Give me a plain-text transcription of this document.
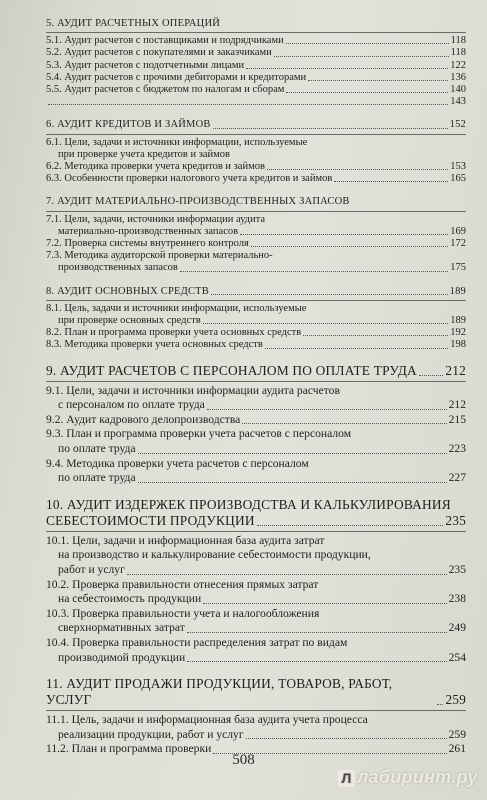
5. АУДИТ РАСЧЕТНЫХ ОПЕРАЦИЙ
5.1. Аудит расчетов с поставщиками и подрядчиками	118
5.2. Аудит расчетов с покупателями и заказчиками	118
5.3. Аудит расчетов с подотчетными лицами	122
5.4. Аудит расчетов с прочими дебиторами и кредиторами	136
5.5. Аудит расчетов с бюджетом по налогам и сборам	140
143
6. АУДИТ КРЕДИТОВ И ЗАЙМОВ	152
6.1. Цели, задачи и источники информации, используемые
при проверке учета кредитов и займов
6.2. Методика проверки учета кредитов и займов	153
6.3. Особенности проверки налогового учета кредитов и займов	165
7. АУДИТ МАТЕРИАЛЬНО-ПРОИЗВОДСТВЕННЫХ ЗАПАСОВ
7.1. Цели, задачи, источники информации аудита
материально-производственных запасов	169
7.2. Проверка системы внутреннего контроля	172
7.3. Методика аудиторской проверки материально-
производственных запасов	175
8. АУДИТ ОСНОВНЫХ СРЕДСТВ	189
8.1. Цель, задачи и источники информации, используемые
при проверке основных средств	189
8.2. План и программа проверки учета основных средств	192
8.3. Методика проверки учета основных средств	198
9. АУДИТ РАСЧЕТОВ С ПЕРСОНАЛОМ ПО ОПЛАТЕ ТРУДА 212
9.1. Цели, задачи и источники информации аудита расчетов
с персоналом по оплате труда	212
9.2. Аудит кадрового делопроизводства	215
9.3. План и программа проверки учета расчетов с персоналом
по оплате труда	223
9.4. Методика проверки учета расчетов с персоналом
по оплате труда	227
10. АУДИТ ИЗДЕРЖЕК ПРОИЗВОДСТВА И КАЛЬКУЛИРОВАНИЯ
СЕБЕСТОИМОСТИ ПРОДУКЦИИ	235
10.1. Цели, задачи и информационная база аудита затрат
на производство и калькулирование себестоимости продукции,
работ и услуг	235
10.2. Проверка правильности отнесения прямых затрат
на себестоимость продукции	238
10.3. Проверка правильности учета и налогообложения
сверхнормативных затрат	249
10.4. Проверка правильности распределения затрат по видам
производимой продукции	254
11. АУДИТ ПРОДАЖИ ПРОДУКЦИИ, ТОВАРОВ, РАБОТ, УСЛУГ	259
11.1. Цель, задачи и информационная база аудита учета процесса
реализации продукции, работ и услуг	259
11.2. План и программа проверки	261
508
Л лабиринт.ру
